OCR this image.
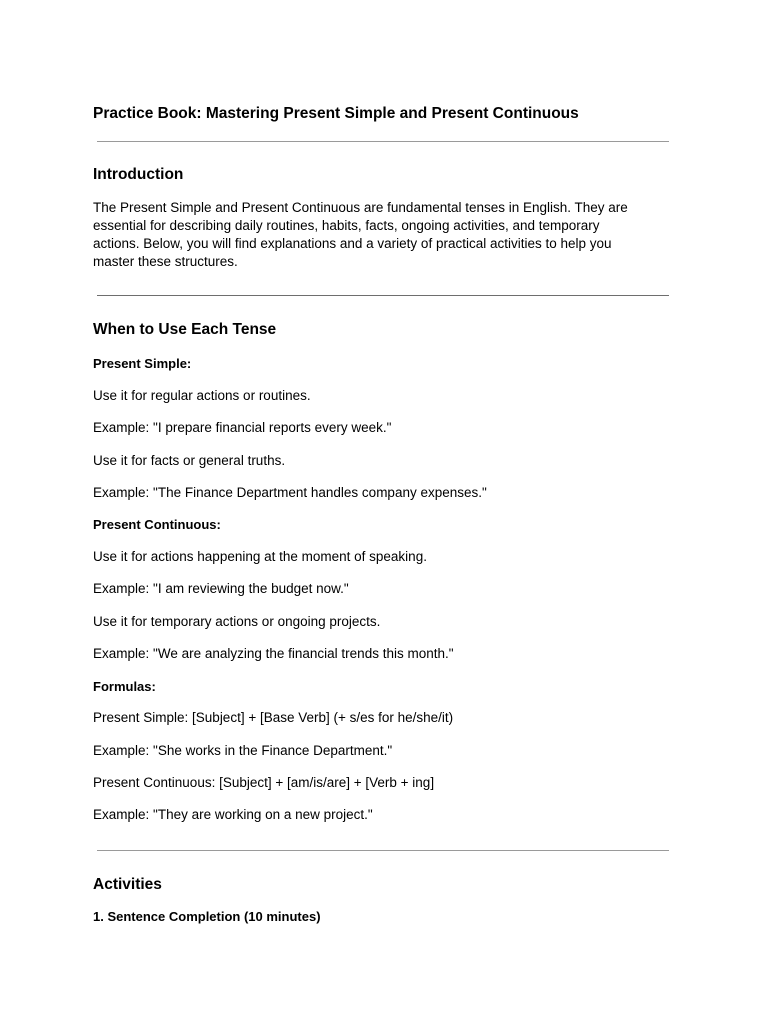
Practice Book: Mastering Present Simple and Present Continuous
Introduction

The Present Simple and Present Continuous are fundamental tenses in English. They are
essential for describing daily routines, habits, facts, ongoing activities, and temporary
actions. Below, you will find explanations and a variety of practical activities to help you
master these structures.

When to Use Each Tense
Present Simple:

Use it for regular actions or routines.

Example: "I prepare financial reports every week."

Use it for facts or general truths.

Example: "The Finance Department handles company expenses."

Present Continuous:

Use it for actions happening at the moment of speaking.

Example: "I am reviewing the budget now."

Use it for temporary actions or ongoing projects.

Example: "We are analyzing the financial trends this month."

Formulas:

Present Simple: [Subject] + [Base Verb] (+ s/es for he/she/it)

Example: "She works in the Finance Department."

Present Continuous: [Subject] + [am/is/are] + [Verb + ing]

Example: "They are working on a new project."

Activities
1. Sentence Completion (10 minutes)
